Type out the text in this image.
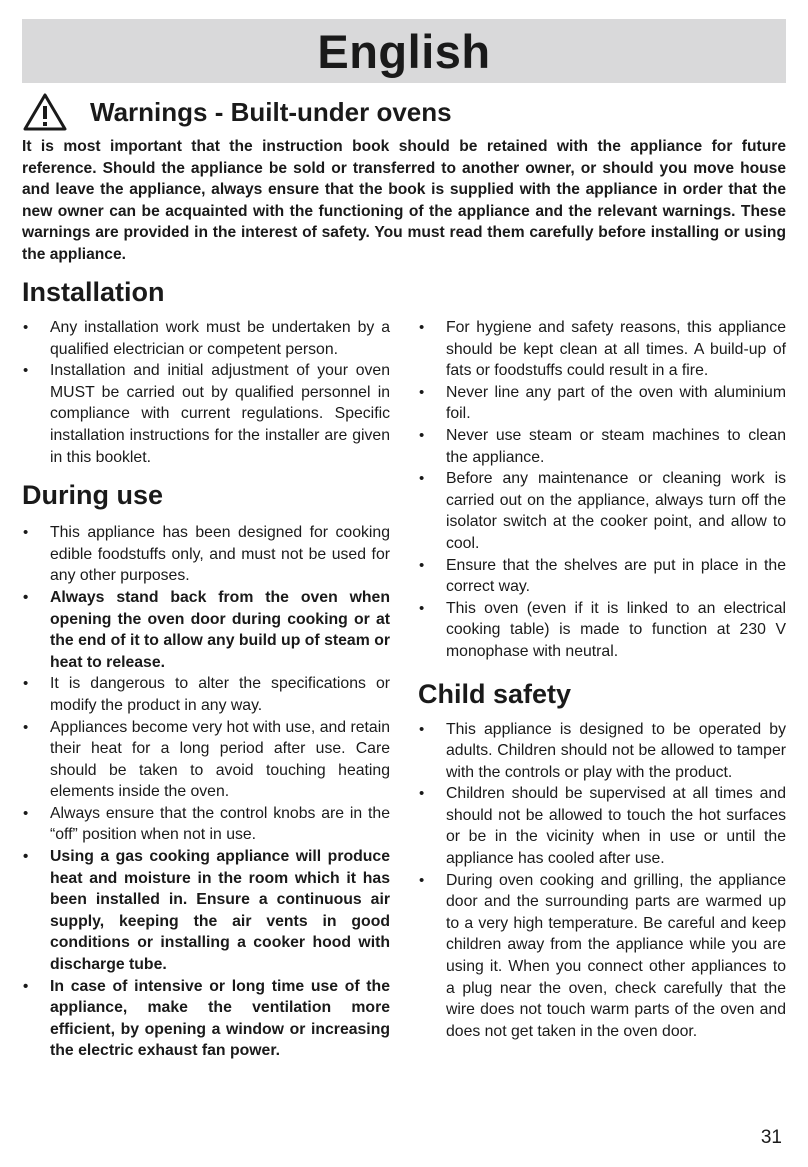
English
Warnings - Built-under ovens

It is most important that the instruction book should be retained with the appliance for future reference. Should the appliance be sold or transferred to another owner, or should you move house and leave the appliance, always ensure that the book is supplied with the appliance in order that the new owner can be acquainted with the functioning of the appliance and the relevant warnings. These warnings are provided in the interest of safety. You must read them carefully before installing or using the appliance.

Installation
• Any installation work must be undertaken by a qualified electrician or competent person.
• Installation and initial adjustment of your oven MUST be carried out by qualified personnel in compliance with current regulations. Specific installation instructions for the installer are given in this booklet.
During use
• This appliance has been designed for cooking edible foodstuffs only, and must not be used for any other purposes.
• Always stand back from the oven when opening the oven door during cooking or at the end of it to allow any build up of steam or heat to release.
• It is dangerous to alter the specifications or modify the product in any way.
• Appliances become very hot with use, and retain their heat for a long period after use. Care should be taken to avoid touching heating elements inside the oven.
• Always ensure that the control knobs are in the “off” position when not in use.
• Using a gas cooking appliance will produce heat and moisture in the room which it has been installed in. Ensure a continuous air supply, keeping the air vents in good conditions or installing a cooker hood with discharge tube.
• In case of intensive or long time use of the appliance, make the ventilation more efficient, by opening a window or increasing the electric exhaust fan power.
• For hygiene and safety reasons, this appliance should be kept clean at all times. A build-up of fats or foodstuffs could result in a fire.
• Never line any part of the oven with aluminium foil.
• Never use steam or steam machines to clean the appliance.
• Before any maintenance or cleaning work is carried out on the appliance, always turn off the isolator switch at the cooker point, and allow to cool.
• Ensure that the shelves are put in place in the correct way.
• This oven (even if it is linked to an electrical cooking table) is made to function at 230 V monophase with neutral.
Child safety
• This appliance is designed to be operated by adults. Children should not be allowed to tamper with the controls or play with the product.
• Children should be supervised at all times and should not be allowed to touch the hot surfaces or be in the vicinity when in use or until the appliance has cooled after use.
• During oven cooking and grilling, the appliance door and the surrounding parts are warmed up to a very high temperature. Be careful and keep children away from the appliance while you are using it. When you connect other appliances to a plug near the oven, check carefully that the wire does not touch warm parts of the oven and does not get taken in the oven door.
31
